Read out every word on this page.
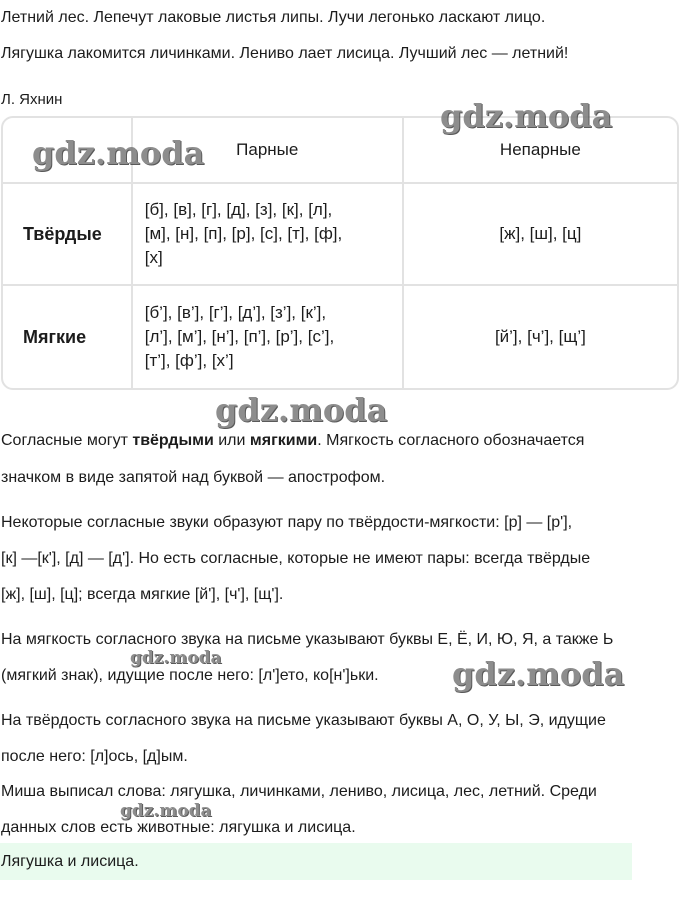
Летний лес. Лепечут лаковые листья липы. Лучи легонько ласкают лицо.
Лягушка лакомится личинками. Лениво лает лисица. Лучший лес — летний!
Л. Яхнин
	Парные	Непарные
Твёрдые	[б], [в], [г], [д], [з], [к], [л],
[м], [н], [п], [р], [с], [т], [ф],
[х]	[ж], [ш], [ц]
Мягкие	[б’], [в’], [г’], [д’], [з’], [к’],
[л’], [м’], [н’], [п’], [р’], [с’],
[т’], [ф’], [х’]	[й’], [ч’], [щ’]
Согласные могут твёрдыми или мягкими. Мягкость согласного обозначается
значком в виде запятой над буквой — апострофом.
Некоторые согласные звуки образуют пару по твёрдости-мягкости: [р] — [р'],
[к] —[к'], [д] — [д']. Но есть согласные, которые не имеют пары: всегда твёрдые
[ж], [ш], [ц]; всегда мягкие [й'], [ч'], [щ'].
На мягкость согласного звука на письме указывают буквы Е, Ё, И, Ю, Я, а также Ь
(мягкий знак), идущие после него: [л']ето, ко[н']ьки.
На твёрдость согласного звука на письме указывают буквы А, О, У, Ы, Э, идущие
после него: [л]ось, [д]ым.
Миша выписал слова: лягушка, личинками, лениво, лисица, лес, летний. Среди
данных слов есть животные: лягушка и лисица.
Лягушка и лисица.
gdz.moda
gdz.moda
gdz.moda
gdz.moda	gdz.moda
gdz.moda
